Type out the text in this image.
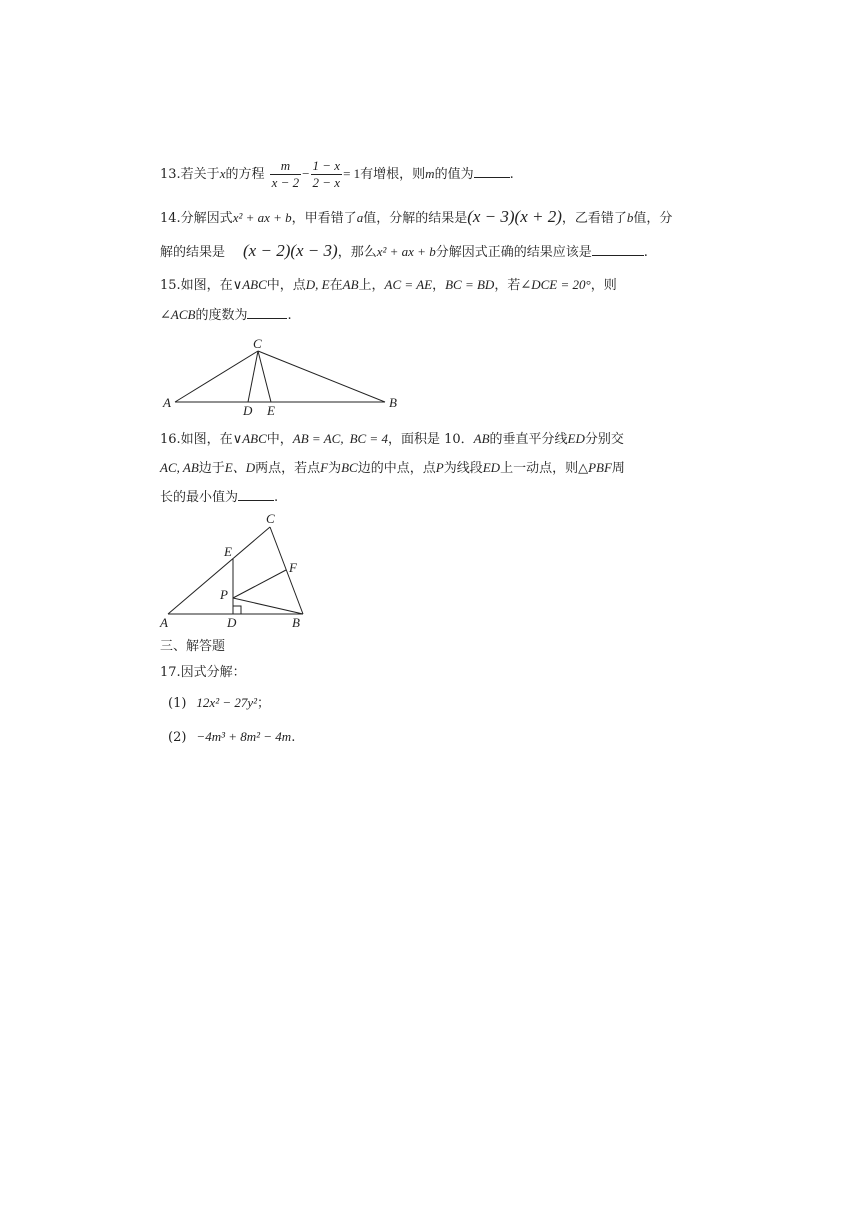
13.若关于x的方程 $\frac{m}{x - 2} - \frac{1 - x}{2 - x} = 1$有增根，则m的值为	.
14.分解因式x² + ax + b，甲看错了a值，分解的结果是(x − 3)(x + 2)，乙看错了b值，分
解的结果是 (x − 2)(x − 3)，那么x² + ax + b分解因式正确的结果应该是	.
15.如图，在∨ABC中，点D, E在AB上，AC = AE，BC = BD，若∠DCE = 20°，则
∠ACB的度数为	.
C
A	B
D E
16.如图，在∨ABC中，AB = AC, BC = 4，面积是 10．AB的垂直平分线ED分别交
AC, AB边于E、D两点，若点F为BC边的中点，点P为线段ED上一动点，则△PBF周
长的最小值为	.
C
E
F
P
A	D	B
三、解答题
17.因式分解：
(1) 12x² − 27y²；
(2) −4m³ + 8m² − 4m.
